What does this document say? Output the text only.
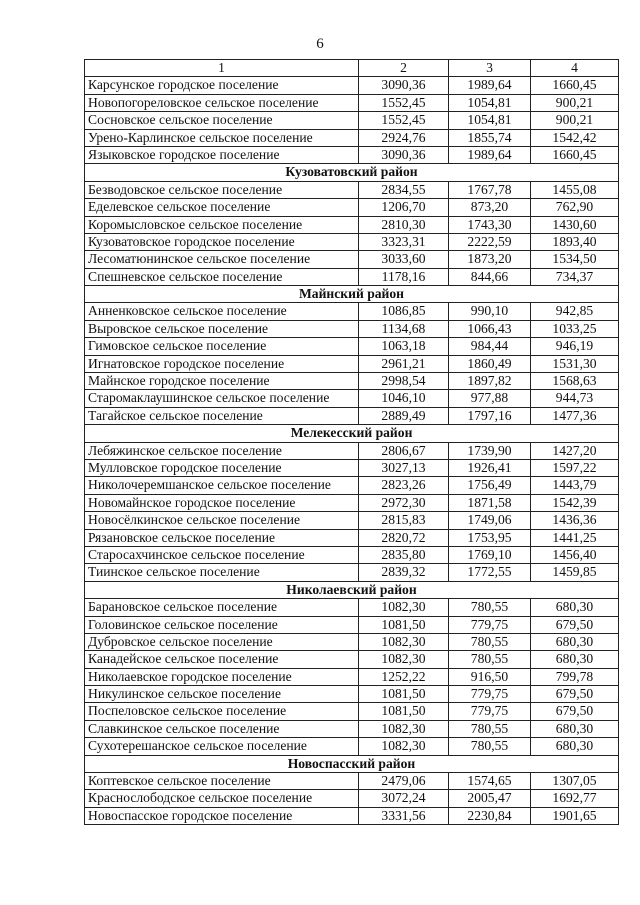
6
1	2	3	4
Карсунское городское поселение	3090,36	1989,64	1660,45
Новопогореловское сельское поселение	1552,45	1054,81	900,21
Сосновское сельское поселение	1552,45	1054,81	900,21
Урено-Карлинское сельское поселение	2924,76	1855,74	1542,42
Языковское городское поселение	3090,36	1989,64	1660,45
Кузоватовский район			
Безводовское сельское поселение	2834,55	1767,78	1455,08
Еделевское сельское поселение	1206,70	873,20	762,90
Коромысловское сельское поселение	2810,30	1743,30	1430,60
Кузоватовское городское поселение	3323,31	2222,59	1893,40
Лесоматюнинское сельское поселение	3033,60	1873,20	1534,50
Спешневское сельское поселение	1178,16	844,66	734,37
Майнский район			
Анненковское сельское поселение	1086,85	990,10	942,85
Выровское сельское поселение	1134,68	1066,43	1033,25
Гимовское сельское поселение	1063,18	984,44	946,19
Игнатовское городское поселение	2961,21	1860,49	1531,30
Майнское городское поселение	2998,54	1897,82	1568,63
Старомаклаушинское сельское поселение	1046,10	977,88	944,73
Тагайское сельское поселение	2889,49	1797,16	1477,36
Мелекесский район			
Лебяжинское сельское поселение	2806,67	1739,90	1427,20
Мулловское городское поселение	3027,13	1926,41	1597,22
Николочеремшанское сельское поселение	2823,26	1756,49	1443,79
Новомайнское городское поселение	2972,30	1871,58	1542,39
Новосёлкинское сельское поселение	2815,83	1749,06	1436,36
Рязановское сельское поселение	2820,72	1753,95	1441,25
Старосахчинское сельское поселение	2835,80	1769,10	1456,40
Тиинское сельское поселение	2839,32	1772,55	1459,85
Николаевский район			
Барановское сельское поселение	1082,30	780,55	680,30
Головинское сельское поселение	1081,50	779,75	679,50
Дубровское сельское поселение	1082,30	780,55	680,30
Канадейское сельское поселение	1082,30	780,55	680,30
Николаевское городское поселение	1252,22	916,50	799,78
Никулинское сельское поселение	1081,50	779,75	679,50
Поспеловское сельское поселение	1081,50	779,75	679,50
Славкинское сельское поселение	1082,30	780,55	680,30
Сухотерешанское сельское поселение	1082,30	780,55	680,30
Новоспасский район			
Коптевское сельское поселение	2479,06	1574,65	1307,05
Краснослободское сельское поселение	3072,24	2005,47	1692,77
Новоспасское городское поселение	3331,56	2230,84	1901,65
